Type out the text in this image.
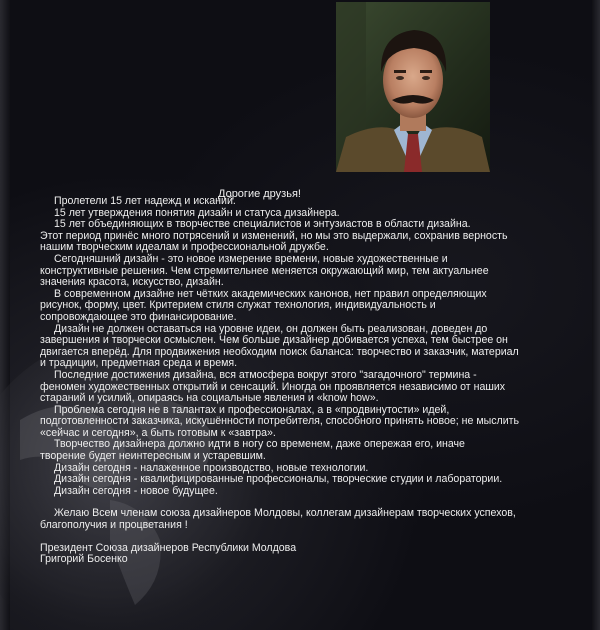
Дорогие друзья!
Пролетели 15 лет надежд и исканий.
15 лет утверждения понятия дизайн и статуса дизайнера.
15 лет объединяющих в творчестве специалистов и энтузиастов в области дизайна.
Этот период принёс много потрясений и изменений, но мы это выдержали, сохранив верность
нашим творческим идеалам и профессиональной дружбе.
Сегодняшний дизайн - это новое измерение времени, новые художественные и
конструктивные решения. Чем стремительнее меняется окружающий мир, тем актуальнее
значения красота, искусство, дизайн.
В современном дизайне нет чётких академических канонов, нет правил определяющих
рисунок, форму, цвет. Критерием стиля служат технология, индивидуальность и
сопровождающее это финансирование.
Дизайн не должен оставаться на уровне идеи, он должен быть реализован, доведен до
завершения и творчески осмыслен. Чем больше дизайнер добивается успеха, тем быстрее он
двигается вперёд. Для продвижения необходим поиск баланса: творчество и заказчик, материал
и традиции, предметная среда и время.
Последние достижения дизайна, вся атмосфера вокруг этого "загадочного" термина -
феномен художественных открытий и сенсаций. Иногда он проявляется независимо от наших
стараний и усилий, опираясь на социальные явления и «know how».
Проблема сегодня не в талантах и профессионалах, а в «продвинутости» идей,
подготовленности заказчика, искушённости потребителя, способного принять новое; не мыслить
«сейчас и сегодня», а быть готовым к «завтра».
Творчество дизайнера должно идти в ногу со временем, даже опережая его, иначе
творение будет неинтересным и устаревшим.
Дизайн сегодня - налаженное производство, новые технологии.
Дизайн сегодня - квалифицированные профессионалы, творческие студии и лаборатории.
Дизайн сегодня - новое будущее.
Желаю Всем членам союза дизайнеров Молдовы, коллегам дизайнерам творческих успехов,
благополучия и процветания !
Президент Союза дизайнеров Республики Молдова
Григорий Босенко
